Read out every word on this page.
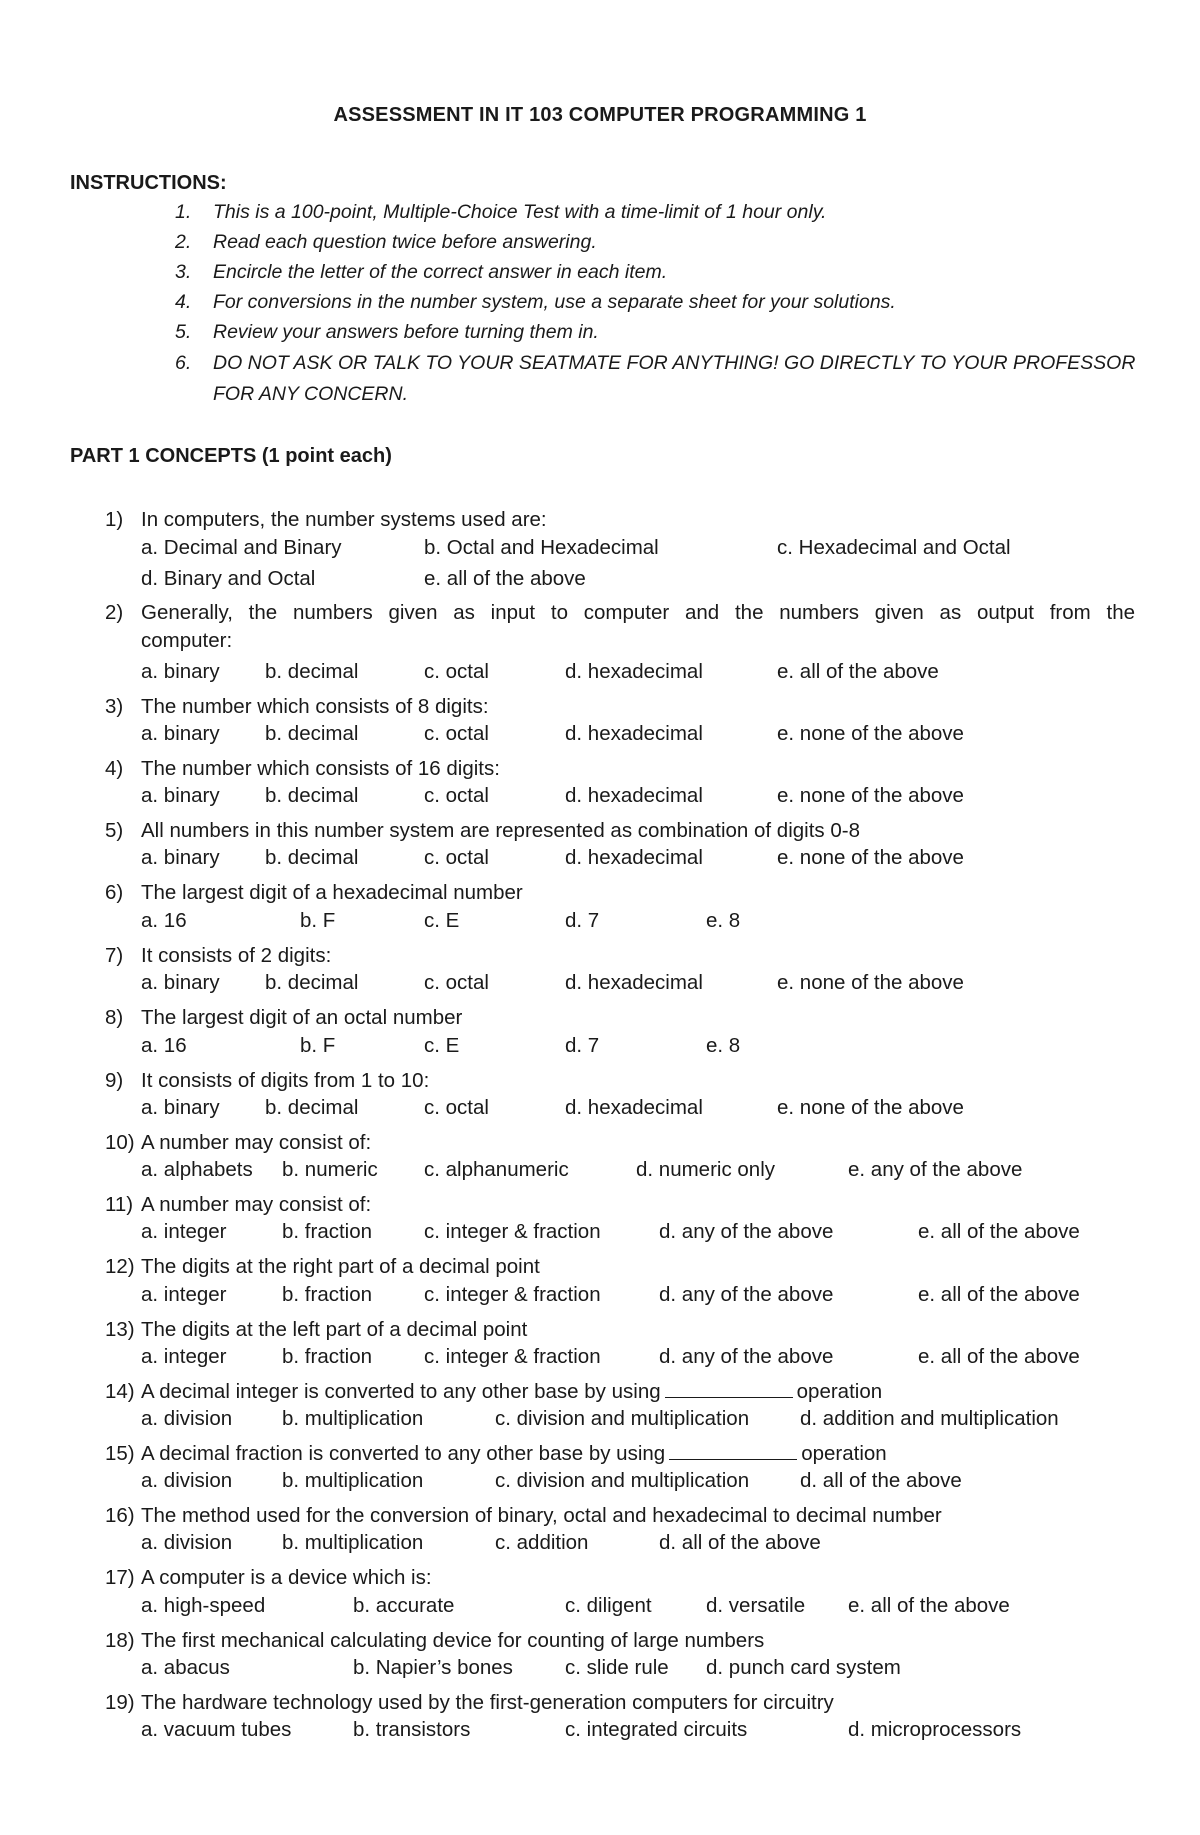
ASSESSMENT IN IT 103 COMPUTER PROGRAMMING 1
INSTRUCTIONS:
1. This is a 100-point, Multiple-Choice Test with a time-limit of 1 hour only.
2. Read each question twice before answering.
3. Encircle the letter of the correct answer in each item.
4. For conversions in the number system, use a separate sheet for your solutions.
5. Review your answers before turning them in.
6. DO NOT ASK OR TALK TO YOUR SEATMATE FOR ANYTHING! GO DIRECTLY TO YOUR PROFESSOR
FOR ANY CONCERN.
PART 1 CONCEPTS (1 point each)
1) In computers, the number systems used are:
a. Decimal and Binary	b. Octal and Hexadecimal	c. Hexadecimal and Octal
d. Binary and Octal	e. all of the above
2) Generally, the numbers given as input to computer and the numbers given as output from the
computer:
a. binary b. decimal	c. octal	d. hexadecimal	e. all of the above
3) The number which consists of 8 digits:
a. binary b. decimal	c. octal	d. hexadecimal	e. none of the above
4) The number which consists of 16 digits:
a. binary b. decimal	c. octal	d. hexadecimal	e. none of the above
5) All numbers in this number system are represented as combination of digits 0-8
a. binary b. decimal	c. octal	d. hexadecimal	e. none of the above
6) The largest digit of a hexadecimal number
a. 16	b. F	c. E	d. 7	e. 8
7) It consists of 2 digits:
a. binary b. decimal	c. octal	d. hexadecimal	e. none of the above
8) The largest digit of an octal number
a. 16	b. F	c. E	d. 7	e. 8
9) It consists of digits from 1 to 10:
a. binary b. decimal	c. octal	d. hexadecimal	e. none of the above
10) A number may consist of:
a. alphabets b. numeric c. alphanumeric	d. numeric only	e. any of the above
11) A number may consist of:
a. integer	b. fraction	c. integer & fraction	d. any of the above	e. all of the above
12) The digits at the right part of a decimal point
a. integer	b. fraction	c. integer & fraction	d. any of the above	e. all of the above
13) The digits at the left part of a decimal point
a. integer	b. fraction	c. integer & fraction	d. any of the above	e. all of the above
14) A decimal integer is converted to any other base by using	operation
a. division b. multiplication	c. division and multiplication d. addition and multiplication
15) A decimal fraction is converted to any other base by using	operation
a. division b. multiplication	c. division and multiplication d. all of the above
16) The method used for the conversion of binary, octal and hexadecimal to decimal number
a. division b. multiplication	c. addition	d. all of the above
17) A computer is a device which is:
a. high-speed	b. accurate	c. diligent	d. versatile e. all of the above
18) The first mechanical calculating device for counting of large numbers
a. abacus	b. Napier’s bones	c. slide rule d. punch card system
19) The hardware technology used by the first-generation computers for circuitry
a. vacuum tubes	b. transistors	c. integrated circuits	d. microprocessors
